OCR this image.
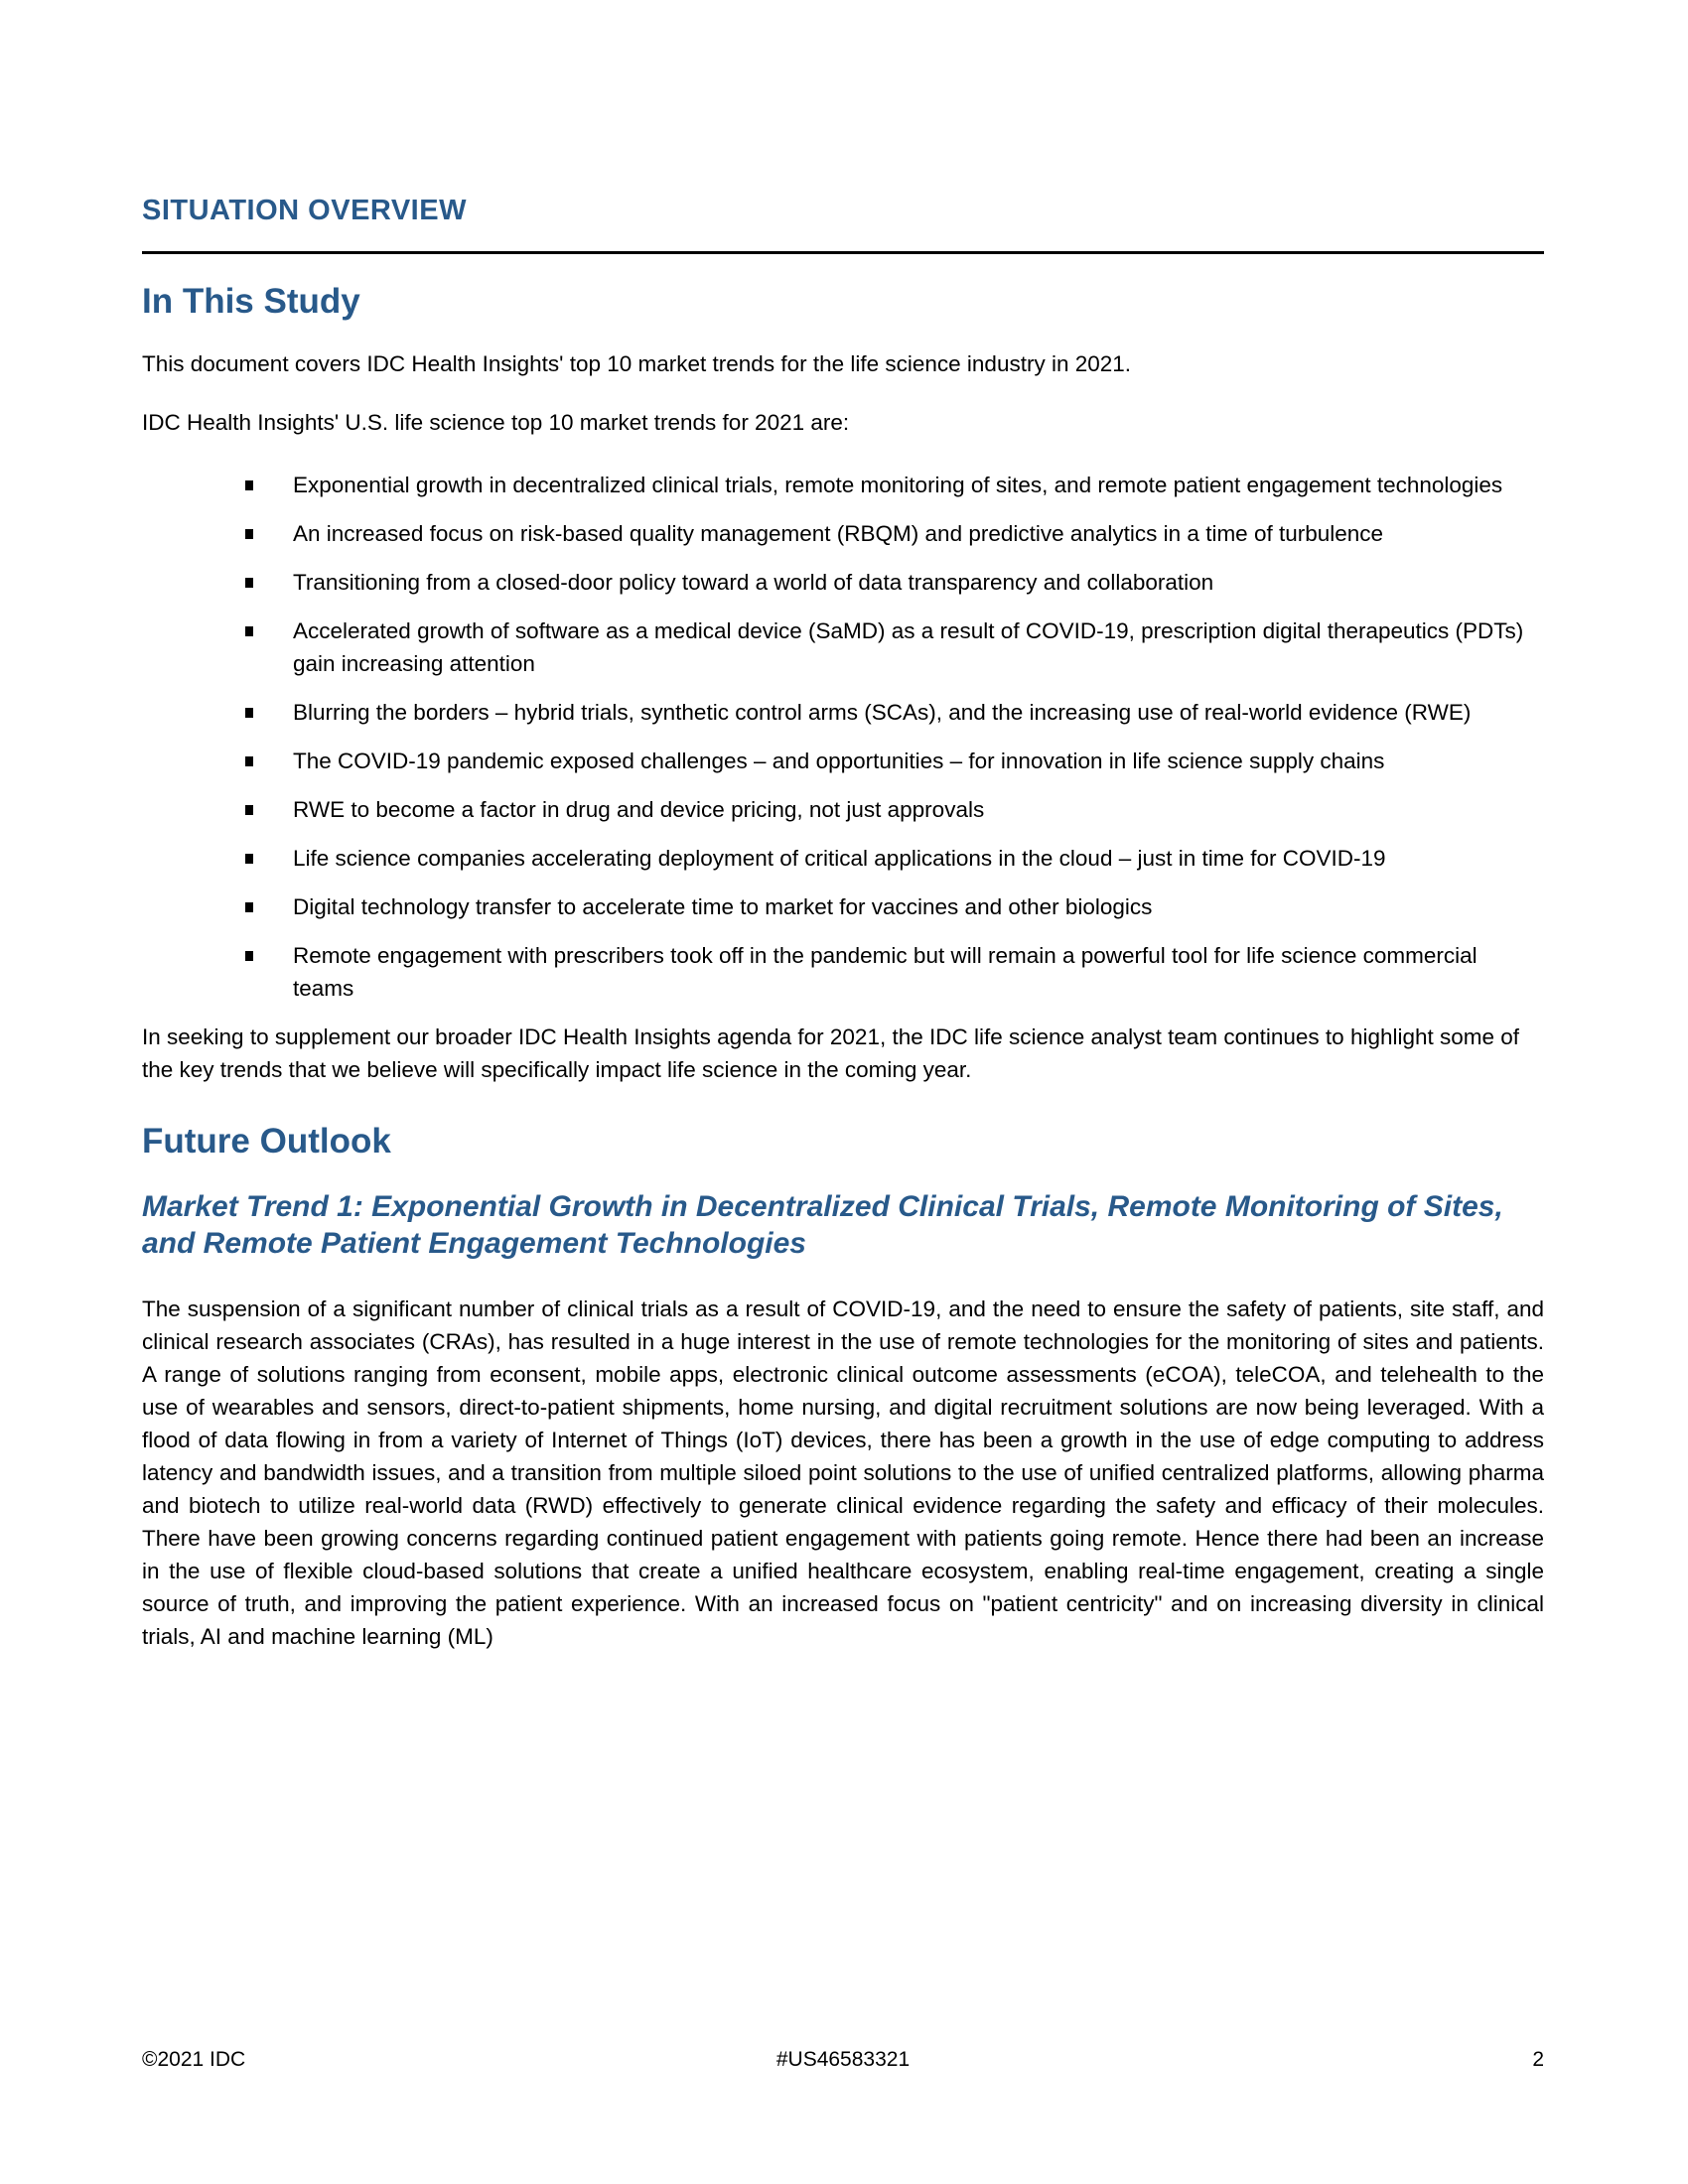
SITUATION OVERVIEW
In This Study

This document covers IDC Health Insights' top 10 market trends for the life science industry in 2021.

IDC Health Insights' U.S. life science top 10 market trends for 2021 are:

Exponential growth in decentralized clinical trials, remote monitoring of sites, and remote patient engagement technologies
An increased focus on risk-based quality management (RBQM) and predictive analytics in a time of turbulence
Transitioning from a closed-door policy toward a world of data transparency and collaboration
Accelerated growth of software as a medical device (SaMD) as a result of COVID-19, prescription digital therapeutics (PDTs) gain increasing attention
Blurring the borders – hybrid trials, synthetic control arms (SCAs), and the increasing use of real-world evidence (RWE)
The COVID-19 pandemic exposed challenges – and opportunities – for innovation in life science supply chains
RWE to become a factor in drug and device pricing, not just approvals
Life science companies accelerating deployment of critical applications in the cloud – just in time for COVID-19
Digital technology transfer to accelerate time to market for vaccines and other biologics
Remote engagement with prescribers took off in the pandemic but will remain a powerful tool for life science commercial teams

In seeking to supplement our broader IDC Health Insights agenda for 2021, the IDC life science analyst team continues to highlight some of the key trends that we believe will specifically impact life science in the coming year.

Future Outlook
Market Trend 1: Exponential Growth in Decentralized Clinical Trials, Remote Monitoring of Sites, and Remote Patient Engagement Technologies

The suspension of a significant number of clinical trials as a result of COVID-19, and the need to ensure the safety of patients, site staff, and clinical research associates (CRAs), has resulted in a huge interest in the use of remote technologies for the monitoring of sites and patients. A range of solutions ranging from econsent, mobile apps, electronic clinical outcome assessments (eCOA), teleCOA, and telehealth to the use of wearables and sensors, direct-to-patient shipments, home nursing, and digital recruitment solutions are now being leveraged. With a flood of data flowing in from a variety of Internet of Things (IoT) devices, there has been a growth in the use of edge computing to address latency and bandwidth issues, and a transition from multiple siloed point solutions to the use of unified centralized platforms, allowing pharma and biotech to utilize real-world data (RWD) effectively to generate clinical evidence regarding the safety and efficacy of their molecules. There have been growing concerns regarding continued patient engagement with patients going remote. Hence there had been an increase in the use of flexible cloud-based solutions that create a unified healthcare ecosystem, enabling real-time engagement, creating a single source of truth, and improving the patient experience. With an increased focus on "patient centricity" and on increasing diversity in clinical trials, AI and machine learning (ML)

©2021 IDC	#US46583321	2
